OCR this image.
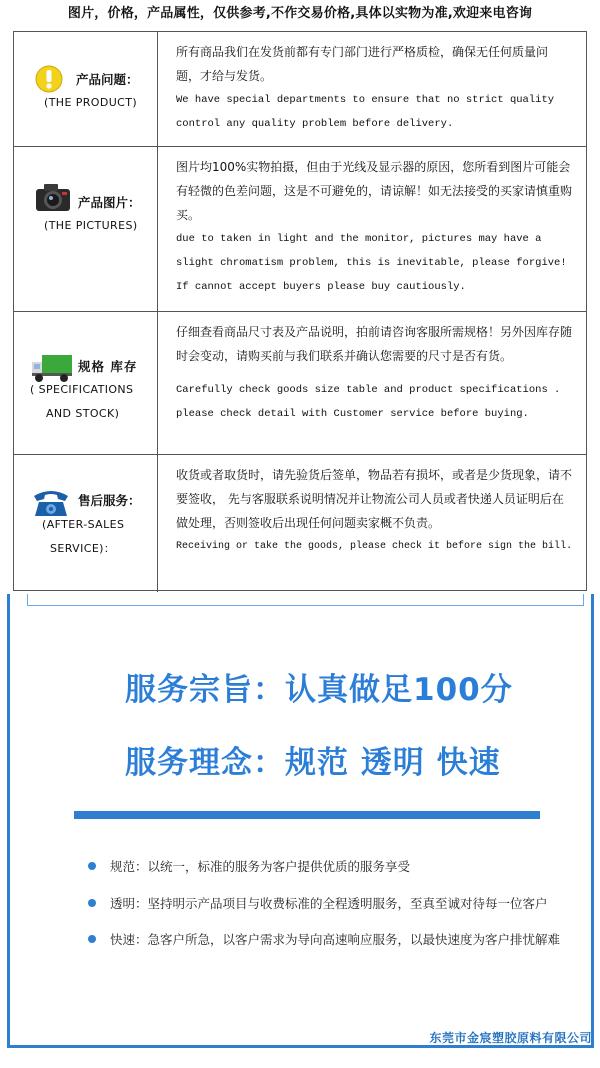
图片，价格，产品属性，仅供参考,不作交易价格,具体以实物为准,欢迎来电咨询
产品问题：
(THE PRODUCT)

所有商品我们在发货前都有专门部门进行严格质检，确保无任何质量问题，才给与发货。

We have special departments to ensure that no strict quality
control any quality problem before delivery.

产品图片：
(THE PICTURES)

图片均100%实物拍摄，但由于光线及显示器的原因，您所看到图片可能会有轻微的色差问题，这是不可避免的，请谅解！如无法接受的买家请慎重购买。

due to taken in light and the monitor, pictures may have a
slight chromatism problem, this is inevitable, please forgive!
If cannot accept buyers please buy cautiously.

规格 库存
( SPECIFICATIONS
AND STOCK)

仔细查看商品尺寸表及产品说明，拍前请咨询客服所需规格！另外因库存随时会变动，请购买前与我们联系并确认您需要的尺寸是否有货。

Carefully check goods size table and product specifications .
please check detail with Customer service before buying.

售后服务：
(AFTER-SALES
SERVICE)：

收货或者取货时，请先验货后签单，物品若有损坏，或者是少货现象，请不要签收， 先与客服联系说明情况并让物流公司人员或者快递人员证明后在做处理，否则签收后出现任何问题卖家概不负责。

Receiving or take the goods, please check it before sign the bill.

服务宗旨：认真做足100分
服务理念：规范 透明 快速
规范：以统一，标准的服务为客户提供优质的服务享受
透明：坚持明示产品项目与收费标准的全程透明服务，至真至诚对待每一位客户
快速：急客户所急，以客户需求为导向高速响应服务，以最快速度为客户排忧解难
东莞市金宸塑胶原料有限公司
